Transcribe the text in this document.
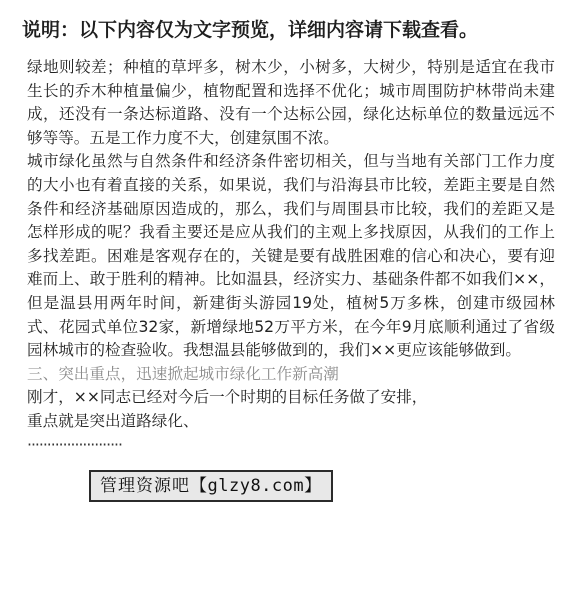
说明：以下内容仅为文字预览，详细内容请下载查看。

绿地则较差；种植的草坪多，树木少，小树多，大树少，特别是适宜在我市生长的乔木种植量偏少，植物配置和选择不优化；城市周围防护林带尚未建成，还没有一条达标道路、没有一个达标公园，绿化达标单位的数量远远不够等等。五是工作力度不大，创建氛围不浓。

城市绿化虽然与自然条件和经济条件密切相关，但与当地有关部门工作力度的大小也有着直接的关系，如果说，我们与沿海县市比较，差距主要是自然条件和经济基础原因造成的，那么，我们与周围县市比较，我们的差距又是怎样形成的呢？我看主要还是应从我们的主观上多找原因，从我们的工作上多找差距。困难是客观存在的，关键是要有战胜困难的信心和决心，要有迎难而上、敢于胜利的精神。比如温县，经济实力、基础条件都不如我们××，但是温县用两年时间，新建街头游园19处，植树5万多株，创建市级园林式、花园式单位32家，新增绿地52万平方米，在今年9月底顺利通过了省级园林城市的检查验收。我想温县能够做到的，我们××更应该能够做到。

三、突出重点，迅速掀起城市绿化工作新高潮

刚才，××同志已经对今后一个时期的目标任务做了安排，

重点就是突出道路绿化、

························

管理资源吧【glzy8.com】
